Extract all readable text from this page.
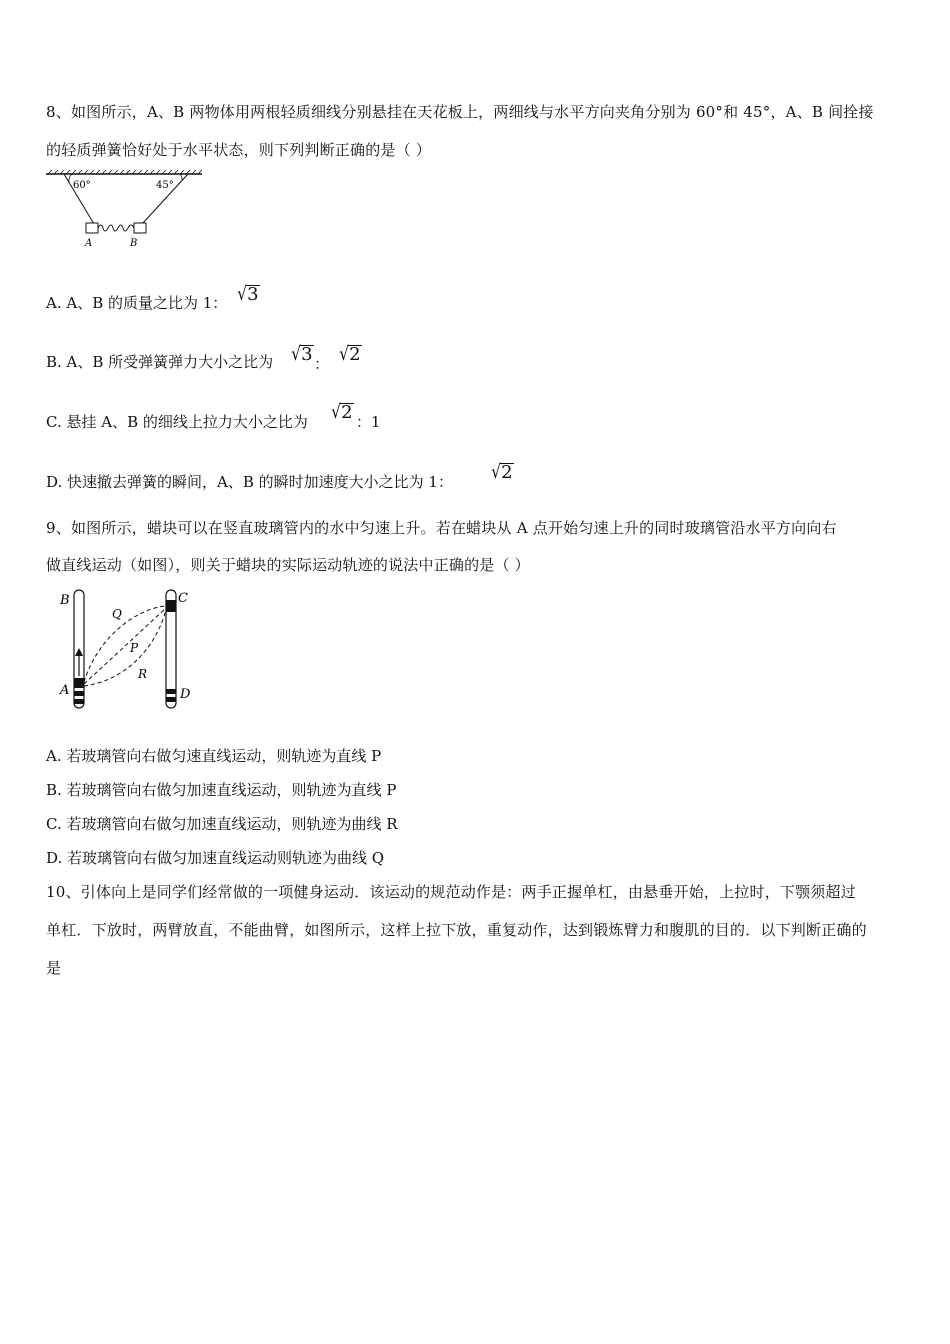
8、如图所示，A、B 两物体用两根轻质细线分别悬挂在天花板上，两细线与水平方向夹角分别为 60°和 45°，A、B 间拴接
的轻质弹簧恰好处于水平状态，则下列判断正确的是（ ）
60°	45°
A	B
A. A、B 的质量之比为 1： √3
B. A、B 所受弹簧弹力大小之比为 √3 ： √2
C. 悬挂 A、B 的细线上拉力大小之比为 √2 ：1
D. 快速撤去弹簧的瞬间，A、B 的瞬时加速度大小之比为 1： √2
9、如图所示，蜡块可以在竖直玻璃管内的水中匀速上升。若在蜡块从 A 点开始匀速上升的同时玻璃管沿水平方向向右
做直线运动（如图），则关于蜡块的实际运动轨迹的说法中正确的是（ ）
B	C
Q
P
R
A	D
A. 若玻璃管向右做匀速直线运动，则轨迹为直线 P
B. 若玻璃管向右做匀加速直线运动，则轨迹为直线 P
C. 若玻璃管向右做匀加速直线运动，则轨迹为曲线 R
D. 若玻璃管向右做匀加速直线运动则轨迹为曲线 Q
10、引体向上是同学们经常做的一项健身运动．该运动的规范动作是：两手正握单杠，由悬垂开始，上拉时，下颚须超过
单杠．下放时，两臂放直，不能曲臂，如图所示，这样上拉下放，重复动作，达到锻炼臂力和腹肌的目的．以下判断正确的
是
